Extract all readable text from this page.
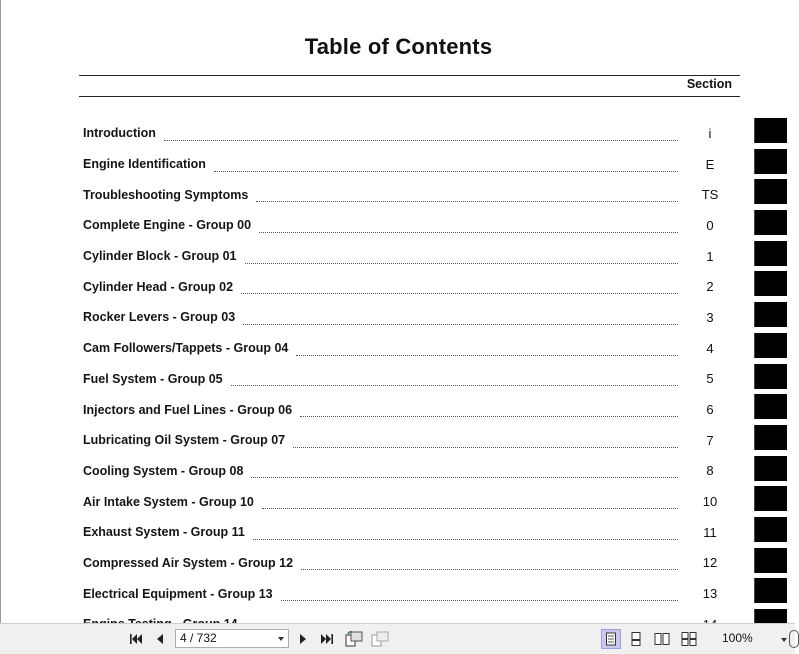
Table of Contents
Section
Introduction	i
Engine Identification	E
Troubleshooting Symptoms	TS
Complete Engine - Group 00	0
Cylinder Block - Group 01	1
Cylinder Head - Group 02	2
Rocker Levers - Group 03	3
Cam Followers/Tappets - Group 04	4
Fuel System - Group 05	5
Injectors and Fuel Lines - Group 06	6
Lubricating Oil System - Group 07	7
Cooling System - Group 08	8
Air Intake System - Group 10	10
Exhaust System - Group 11	11
Compressed Air System - Group 12	12
Electrical Equipment - Group 13	13
4 / 732	100%
